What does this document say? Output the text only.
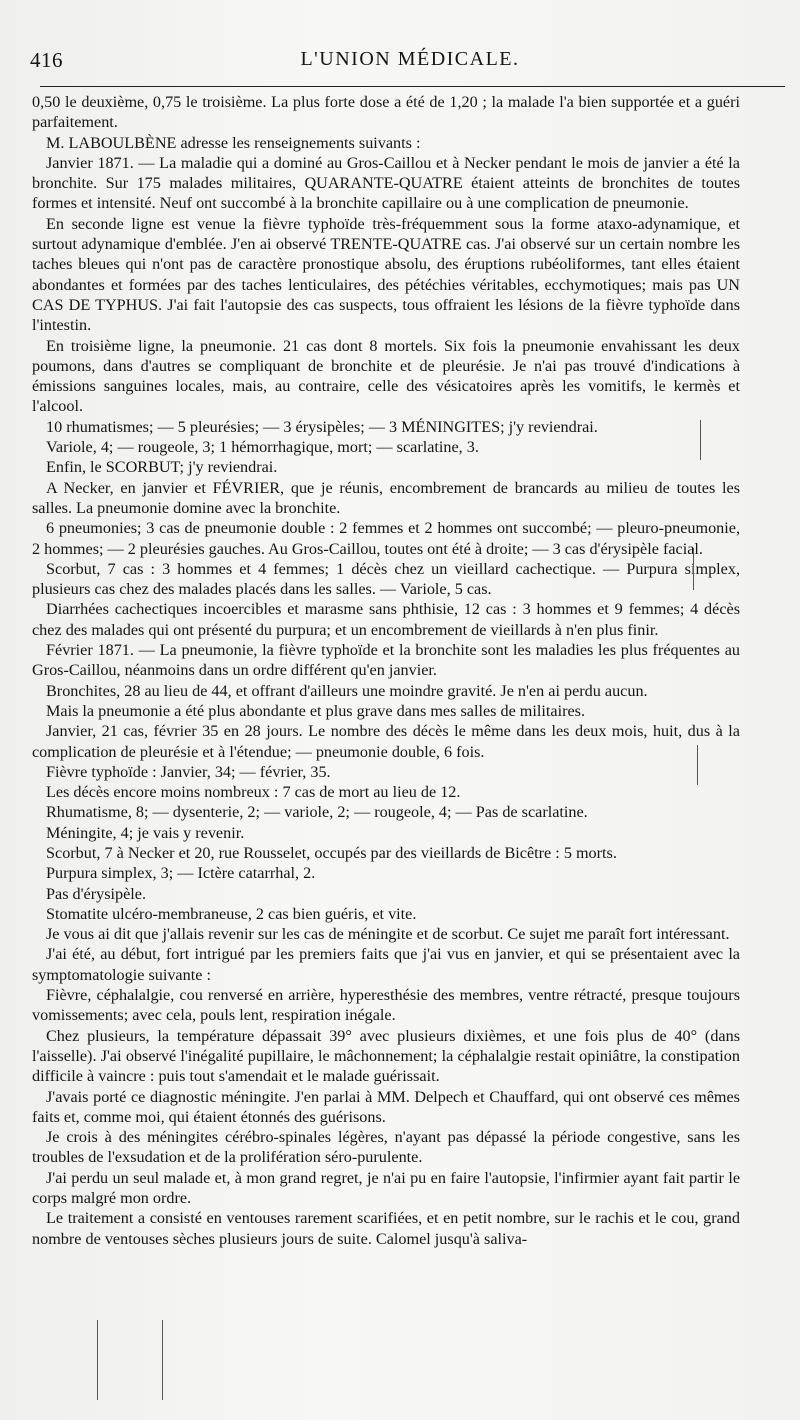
416	L'UNION MÉDICALE.

0,50 le deuxième, 0,75 le troisième. La plus forte dose a été de 1,20 ; la malade l'a bien supportée et a guéri parfaitement.

M. LABOULBÈNE adresse les renseignements suivants :

Janvier 1871. — La maladie qui a dominé au Gros-Caillou et à Necker pendant le mois de janvier a été la bronchite. Sur 175 malades militaires, QUARANTE-QUATRE étaient atteints de bronchites de toutes formes et intensité. Neuf ont succombé à la bronchite capillaire ou à une complication de pneumonie.

En seconde ligne est venue la fièvre typhoïde très-fréquemment sous la forme ataxo-adynamique, et surtout adynamique d'emblée. J'en ai observé TRENTE-QUATRE cas. J'ai observé sur un certain nombre les taches bleues qui n'ont pas de caractère pronostique absolu, des éruptions rubéoliformes, tant elles étaient abondantes et formées par des taches lenticulaires, des pétéchies véritables, ecchymotiques; mais pas UN CAS DE TYPHUS. J'ai fait l'autopsie des cas suspects, tous offraient les lésions de la fièvre typhoïde dans l'intestin.

En troisième ligne, la pneumonie. 21 cas dont 8 mortels. Six fois la pneumonie envahissant les deux poumons, dans d'autres se compliquant de bronchite et de pleurésie. Je n'ai pas trouvé d'indications à émissions sanguines locales, mais, au contraire, celle des vésicatoires après les vomitifs, le kermès et l'alcool.

10 rhumatismes; — 5 pleurésies; — 3 érysipèles; — 3 MÉNINGITES; j'y reviendrai.

Variole, 4; — rougeole, 3; 1 hémorrhagique, mort; — scarlatine, 3.

Enfin, le SCORBUT; j'y reviendrai.

A Necker, en janvier et FÉVRIER, que je réunis, encombrement de brancards au milieu de toutes les salles. La pneumonie domine avec la bronchite.

6 pneumonies; 3 cas de pneumonie double : 2 femmes et 2 hommes ont succombé; — pleuro-pneumonie, 2 hommes; — 2 pleurésies gauches. Au Gros-Caillou, toutes ont été à droite; — 3 cas d'érysipèle facial.

Scorbut, 7 cas : 3 hommes et 4 femmes; 1 décès chez un vieillard cachectique. — Purpura simplex, plusieurs cas chez des malades placés dans les salles. — Variole, 5 cas.

Diarrhées cachectiques incoercibles et marasme sans phthisie, 12 cas : 3 hommes et 9 femmes; 4 décès chez des malades qui ont présenté du purpura; et un encombrement de vieillards à n'en plus finir.

Février 1871. — La pneumonie, la fièvre typhoïde et la bronchite sont les maladies les plus fréquentes au Gros-Caillou, néanmoins dans un ordre différent qu'en janvier.

Bronchites, 28 au lieu de 44, et offrant d'ailleurs une moindre gravité. Je n'en ai perdu aucun.

Mais la pneumonie a été plus abondante et plus grave dans mes salles de militaires.

Janvier, 21 cas, février 35 en 28 jours. Le nombre des décès le même dans les deux mois, huit, dus à la complication de pleurésie et à l'étendue; — pneumonie double, 6 fois.

Fièvre typhoïde : Janvier, 34; — février, 35.

Les décès encore moins nombreux : 7 cas de mort au lieu de 12.

Rhumatisme, 8; — dysenterie, 2; — variole, 2; — rougeole, 4; — Pas de scarlatine.

Méningite, 4; je vais y revenir.

Scorbut, 7 à Necker et 20, rue Rousselet, occupés par des vieillards de Bicêtre : 5 morts.

Purpura simplex, 3; — Ictère catarrhal, 2.

Pas d'érysipèle.

Stomatite ulcéro-membraneuse, 2 cas bien guéris, et vite.

Je vous ai dit que j'allais revenir sur les cas de méningite et de scorbut. Ce sujet me paraît fort intéressant.

J'ai été, au début, fort intrigué par les premiers faits que j'ai vus en janvier, et qui se présentaient avec la symptomatologie suivante :

Fièvre, céphalalgie, cou renversé en arrière, hyperesthésie des membres, ventre rétracté, presque toujours vomissements; avec cela, pouls lent, respiration inégale.

Chez plusieurs, la température dépassait 39° avec plusieurs dixièmes, et une fois plus de 40° (dans l'aisselle). J'ai observé l'inégalité pupillaire, le mâchonnement; la céphalalgie restait opiniâtre, la constipation difficile à vaincre : puis tout s'amendait et le malade guérissait.

J'avais porté ce diagnostic méningite. J'en parlai à MM. Delpech et Chauffard, qui ont observé ces mêmes faits et, comme moi, qui étaient étonnés des guérisons.

Je crois à des méningites cérébro-spinales légères, n'ayant pas dépassé la période congestive, sans les troubles de l'exsudation et de la prolifération séro-purulente.

J'ai perdu un seul malade et, à mon grand regret, je n'ai pu en faire l'autopsie, l'infirmier ayant fait partir le corps malgré mon ordre.

Le traitement a consisté en ventouses rarement scarifiées, et en petit nombre, sur le rachis et le cou, grand nombre de ventouses sèches plusieurs jours de suite. Calomel jusqu'à saliva-
